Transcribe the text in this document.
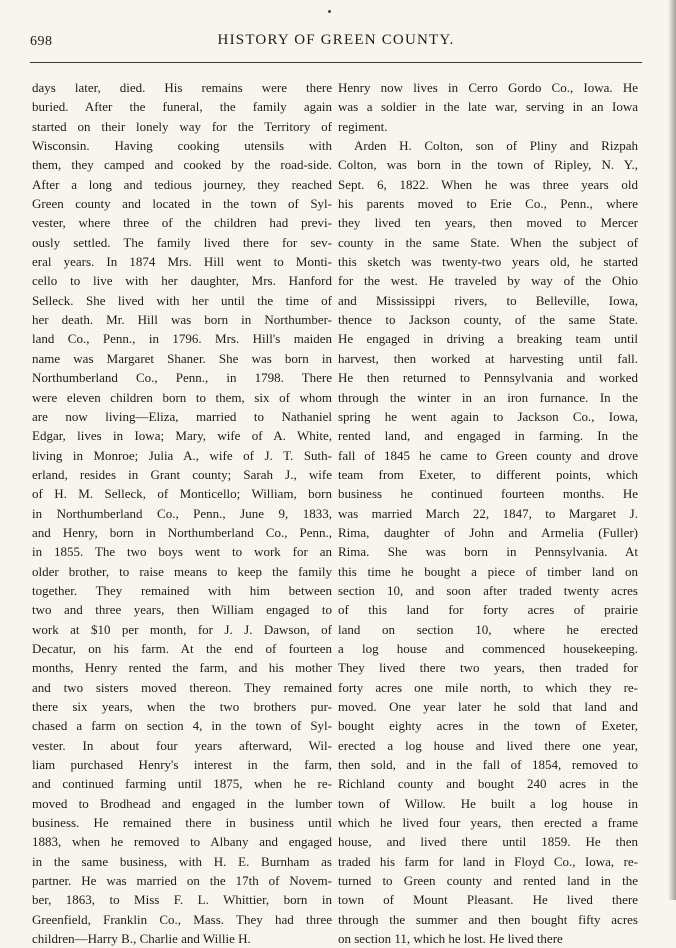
698	HISTORY OF GREEN COUNTY.
days later, died. His remains were there
buried. After the funeral, the family again
started on their lonely way for the Territory of
Wisconsin. Having cooking utensils with
them, they camped and cooked by the road-side.
After a long and tedious journey, they reached
Green county and located in the town of Syl-
vester, where three of the children had previ-
ously settled. The family lived there for sev-
eral years. In 1874 Mrs. Hill went to Monti-
cello to live with her daughter, Mrs. Hanford
Selleck. She lived with her until the time of
her death. Mr. Hill was born in Northumber-
land Co., Penn., in 1796. Mrs. Hill's maiden
name was Margaret Shaner. She was born in
Northumberland Co., Penn., in 1798. There
were eleven children born to them, six of whom
are now living—Eliza, married to Nathaniel
Edgar, lives in Iowa; Mary, wife of A. White,
living in Monroe; Julia A., wife of J. T. Suth-
erland, resides in Grant county; Sarah J., wife
of H. M. Selleck, of Monticello; William, born
in Northumberland Co., Penn., June 9, 1833,
and Henry, born in Northumberland Co., Penn.,
in 1855. The two boys went to work for an
older brother, to raise means to keep the family
together. They remained with him between
two and three years, then William engaged to
work at $10 per month, for J. J. Dawson, of
Decatur, on his farm. At the end of fourteen
months, Henry rented the farm, and his mother
and two sisters moved thereon. They remained
there six years, when the two brothers pur-
chased a farm on section 4, in the town of Syl-
vester. In about four years afterward, Wil-
liam purchased Henry's interest in the farm,
and continued farming until 1875, when he re-
moved to Brodhead and engaged in the lumber
business. He remained there in business until
1883, when he removed to Albany and engaged
in the same business, with H. E. Burnham as
partner. He was married on the 17th of Novem-
ber, 1863, to Miss F. L. Whittier, born in
Greenfield, Franklin Co., Mass. They had three
children—Harry B., Charlie and Willie H.
Henry now lives in Cerro Gordo Co., Iowa. He
was a soldier in the late war, serving in an Iowa
regiment.
Arden H. Colton, son of Pliny and Rizpah
Colton, was born in the town of Ripley, N. Y.,
Sept. 6, 1822. When he was three years old
his parents moved to Erie Co., Penn., where
they lived ten years, then moved to Mercer
county in the same State. When the subject of
this sketch was twenty-two years old, he started
for the west. He traveled by way of the Ohio
and Mississippi rivers, to Belleville, Iowa,
thence to Jackson county, of the same State.
He engaged in driving a breaking team until
harvest, then worked at harvesting until fall.
He then returned to Pennsylvania and worked
through the winter in an iron furnance. In the
spring he went again to Jackson Co., Iowa,
rented land, and engaged in farming. In the
fall of 1845 he came to Green county and drove
team from Exeter, to different points, which
business he continued fourteen months. He
was married March 22, 1847, to Margaret J.
Rima, daughter of John and Armelia (Fuller)
Rima. She was born in Pennsylvania. At
this time he bought a piece of timber land on
section 10, and soon after traded twenty acres
of this land for forty acres of prairie
land on section 10, where he erected
a log house and commenced housekeeping.
They lived there two years, then traded for
forty acres one mile north, to which they re-
moved. One year later he sold that land and
bought eighty acres in the town of Exeter,
erected a log house and lived there one year,
then sold, and in the fall of 1854, removed to
Richland county and bought 240 acres in the
town of Willow. He built a log house in
which he lived four years, then erected a frame
house, and lived there until 1859. He then
traded his farm for land in Floyd Co., Iowa, re-
turned to Green county and rented land in the
town of Mount Pleasant. He lived there
through the summer and then bought fifty acres
on section 11, which he lost. He lived there
